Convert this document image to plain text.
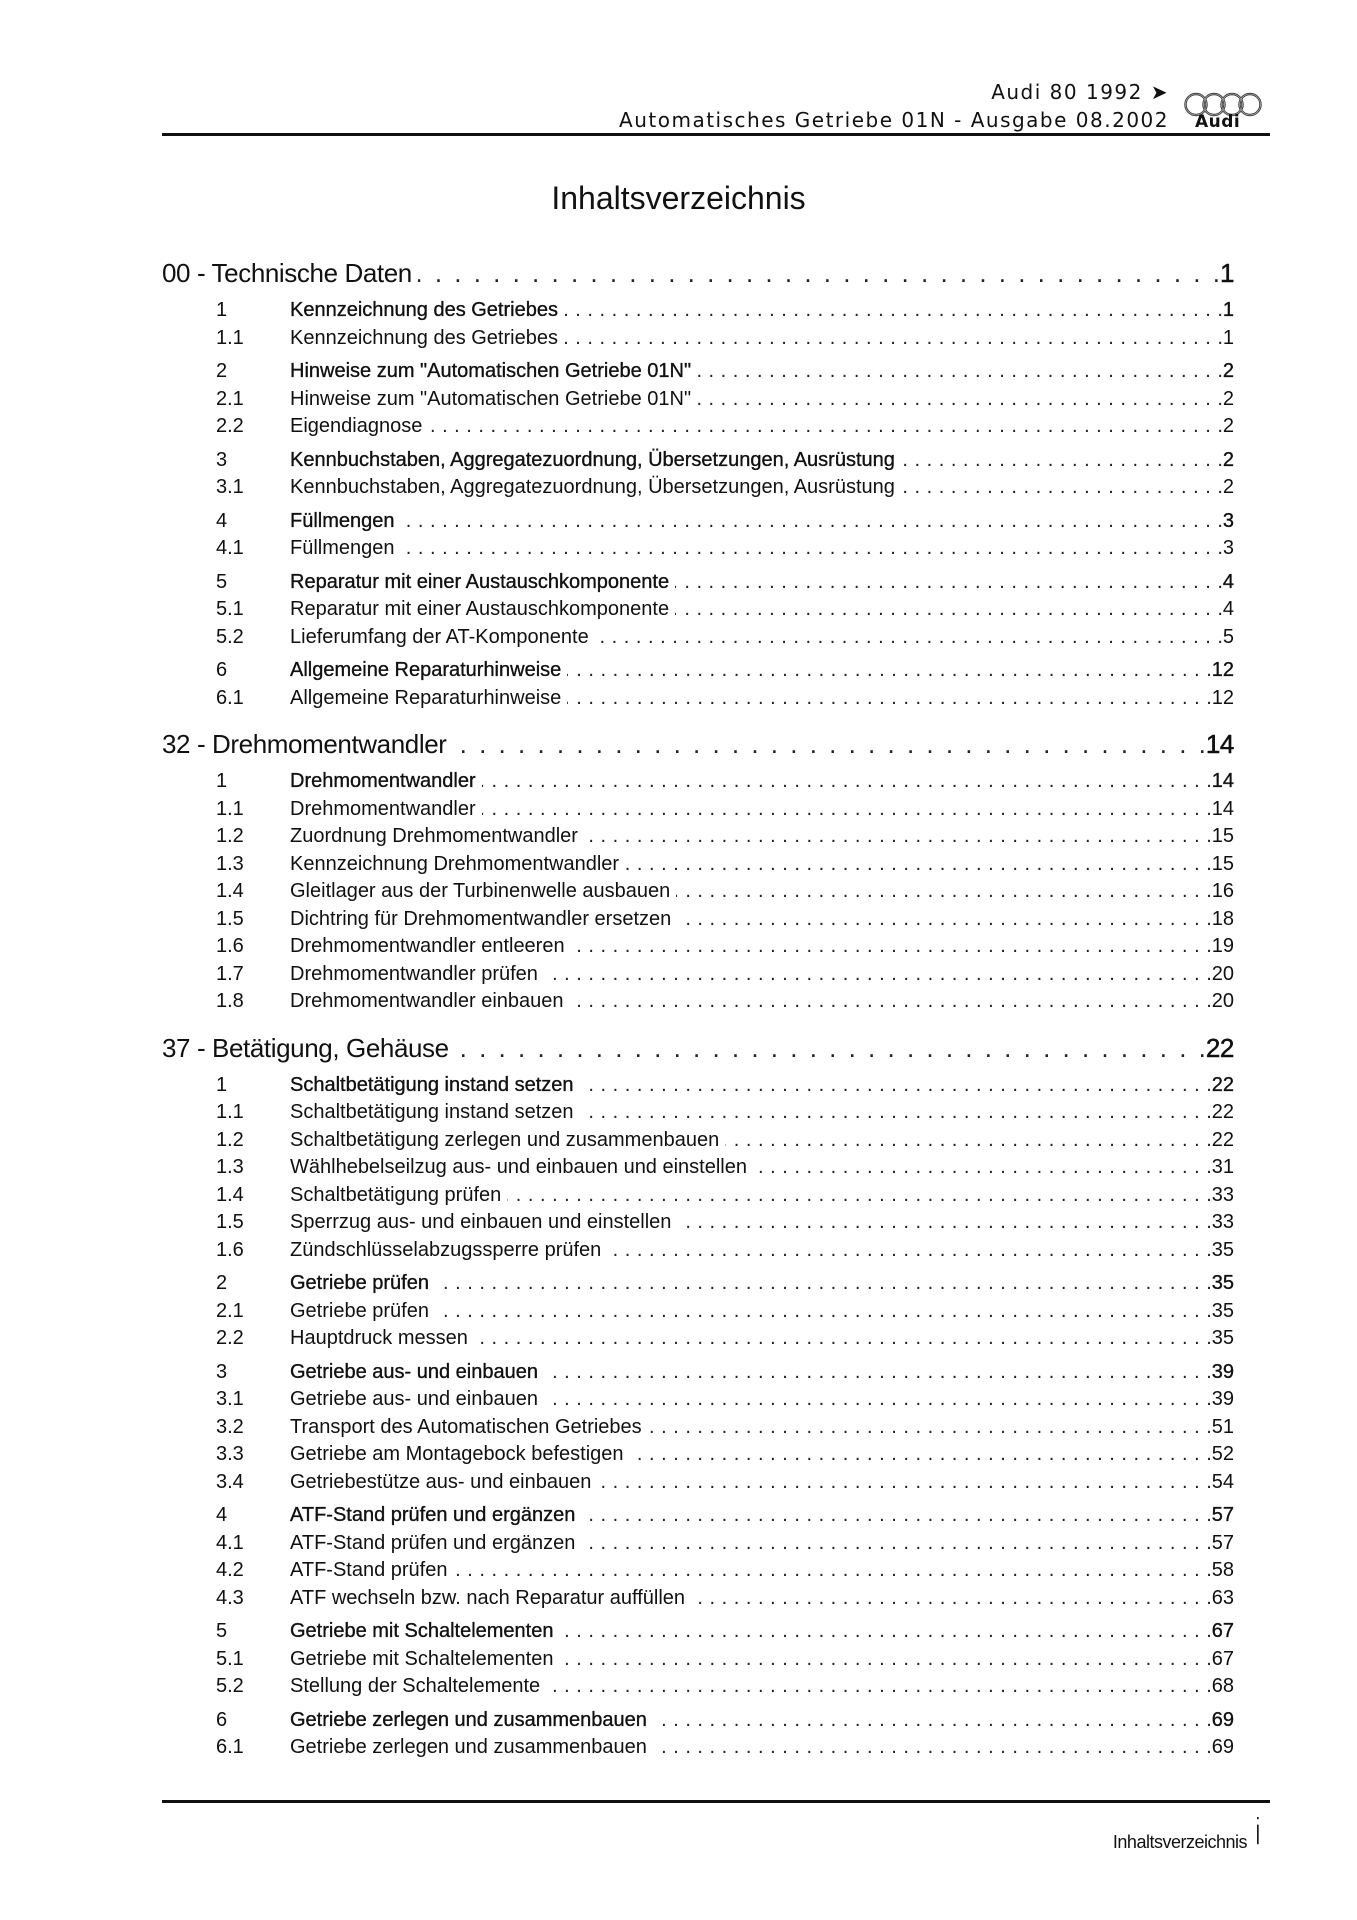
Audi 80 1992 ➤
Automatisches Getriebe 01N - Ausgabe 08.2002 Audi
Inhaltsverzeichnis
00 - Technische Daten . . .	1
1	Kennzeichnung des Getriebes . . .	1
1.1	Kennzeichnung des Getriebes . . .	1
2	Hinweise zum "Automatischen Getriebe 01N" . . .	2
2.1	Hinweise zum "Automatischen Getriebe 01N" . . .	2
2.2	Eigendiagnose . . .	2
3	Kennbuchstaben, Aggregatezuordnung, Übersetzungen, Ausrüstung . . .	2
3.1	Kennbuchstaben, Aggregatezuordnung, Übersetzungen, Ausrüstung . . .	2
4	Füllmengen . . .	3
4.1	Füllmengen . . .	3
5	Reparatur mit einer Austauschkomponente . . .	4
5.1	Reparatur mit einer Austauschkomponente . . .	4
5.2	Lieferumfang der AT-Komponente . . .	5
6	Allgemeine Reparaturhinweise . . .	12
6.1	Allgemeine Reparaturhinweise . . .	12
32 - Drehmomentwandler . . .	14
1	Drehmomentwandler . . .	14
1.1	Drehmomentwandler . . .	14
1.2	Zuordnung Drehmomentwandler . . .	15
1.3	Kennzeichnung Drehmomentwandler . . .	15
1.4	Gleitlager aus der Turbinenwelle ausbauen . . .	16
1.5	Dichtring für Drehmomentwandler ersetzen . . .	18
1.6	Drehmomentwandler entleeren . . .	19
1.7	Drehmomentwandler prüfen . . .	20
1.8	Drehmomentwandler einbauen . . .	20
37 - Betätigung, Gehäuse . . .	22
1	Schaltbetätigung instand setzen . . .	22
1.1	Schaltbetätigung instand setzen . . .	22
1.2	Schaltbetätigung zerlegen und zusammenbauen . . .	22
1.3	Wählhebelseilzug aus- und einbauen und einstellen . . .	31
1.4	Schaltbetätigung prüfen . . .	33
1.5	Sperrzug aus- und einbauen und einstellen . . .	33
1.6	Zündschlüsselabzugssperre prüfen . . .	35
2	Getriebe prüfen . . .	35
2.1	Getriebe prüfen . . .	35
2.2	Hauptdruck messen . . .	35
3	Getriebe aus- und einbauen . . .	39
3.1	Getriebe aus- und einbauen . . .	39
3.2	Transport des Automatischen Getriebes . . .	51
3.3	Getriebe am Montagebock befestigen . . .	52
3.4	Getriebestütze aus- und einbauen . . .	54
4	ATF-Stand prüfen und ergänzen . . .	57
4.1	ATF-Stand prüfen und ergänzen . . .	57
4.2	ATF-Stand prüfen . . .	58
4.3	ATF wechseln bzw. nach Reparatur auffüllen . . .	63
5	Getriebe mit Schaltelementen . . .	67
5.1	Getriebe mit Schaltelementen . . .	67
5.2	Stellung der Schaltelemente . . .	68
6	Getriebe zerlegen und zusammenbauen . . .	69
6.1	Getriebe zerlegen und zusammenbauen . . .	69
Inhaltsverzeichnis i
